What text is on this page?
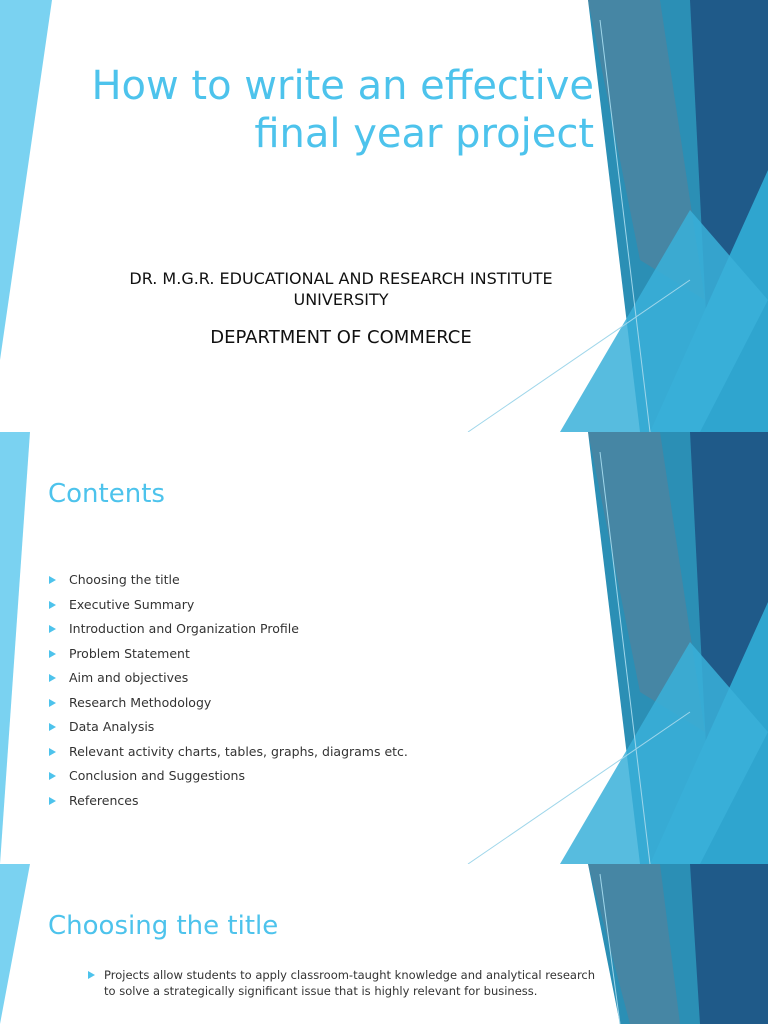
How to write an effective
final year project
DR. M.G.R. EDUCATIONAL AND RESEARCH INSTITUTE
UNIVERSITY
DEPARTMENT OF COMMERCE
Contents
Choosing the title
Executive Summary
Introduction and Organization Profile
Problem Statement
Aim and objectives
Research Methodology
Data Analysis
Relevant activity charts, tables, graphs, diagrams etc.
Conclusion and Suggestions
References
Choosing the title
Projects allow students to apply classroom-taught knowledge and analytical research
to solve a strategically significant issue that is highly relevant for business.
